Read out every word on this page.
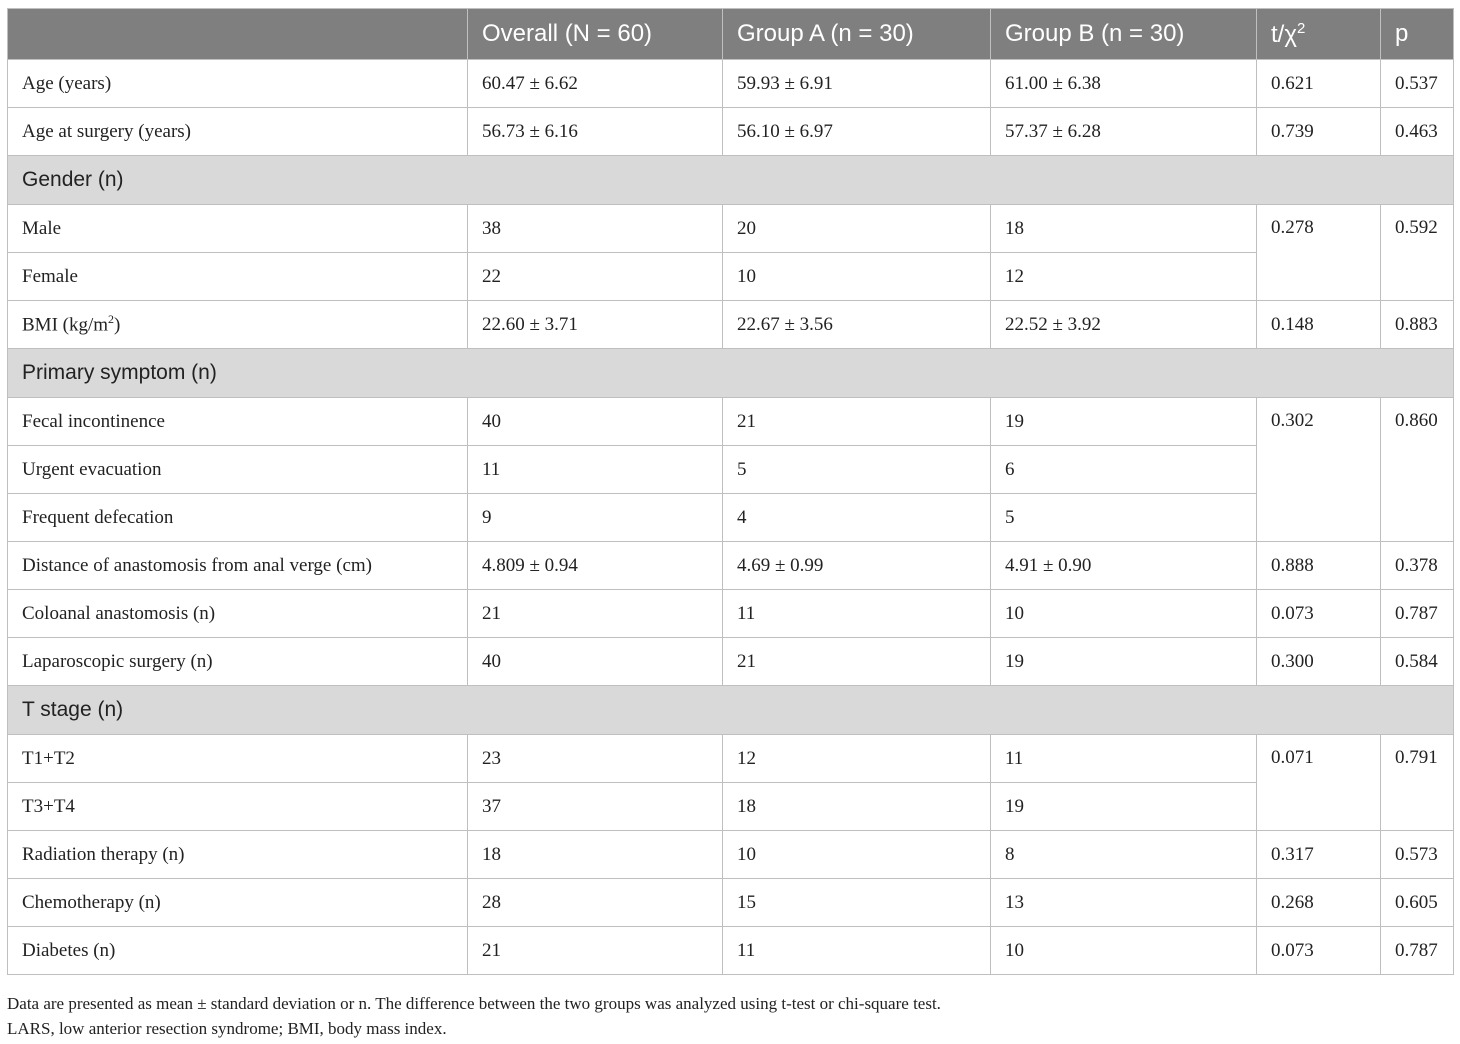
	Overall (N = 60)	Group A (n = 30)	Group B (n = 30)	$t/\chi^2$	p
Age (years)	60.47 ± 6.62	59.93 ± 6.91	61.00 ± 6.38	0.621	0.537
Age at surgery (years)	56.73 ± 6.16	56.10 ± 6.97	57.37 ± 6.28	0.739	0.463
Gender (n)					
Male	38	20	18	0.278	0.592
Female	22	10	12		
BMI $(kg/m^2)$	22.60 ± 3.71	22.67 ± 3.56	22.52 ± 3.92	0.148	0.883
Primary symptom (n)					
Fecal incontinence	40	21	19	0.302	0.860
Urgent evacuation	11	5	6		
Frequent defecation	9	4	5		
Distance of anastomosis from anal verge (cm)	4.809 ± 0.94	4.69 ± 0.99	4.91 ± 0.90	0.888	0.378
Coloanal anastomosis (n)	21	11	10	0.073	0.787
Laparoscopic surgery (n)	40	21	19	0.300	0.584
T stage (n)					
T1+T2	23	12	11	0.071	0.791
T3+T4	37	18	19		
Radiation therapy (n)	18	10	8	0.317	0.573
Chemotherapy (n)	28	15	13	0.268	0.605
Diabetes (n)	21	11	10	0.073	0.787
Data are presented as mean ± standard deviation or n. The difference between the two groups was analyzed using t-test or chi-square test.
LARS, low anterior resection syndrome; BMI, body mass index.
